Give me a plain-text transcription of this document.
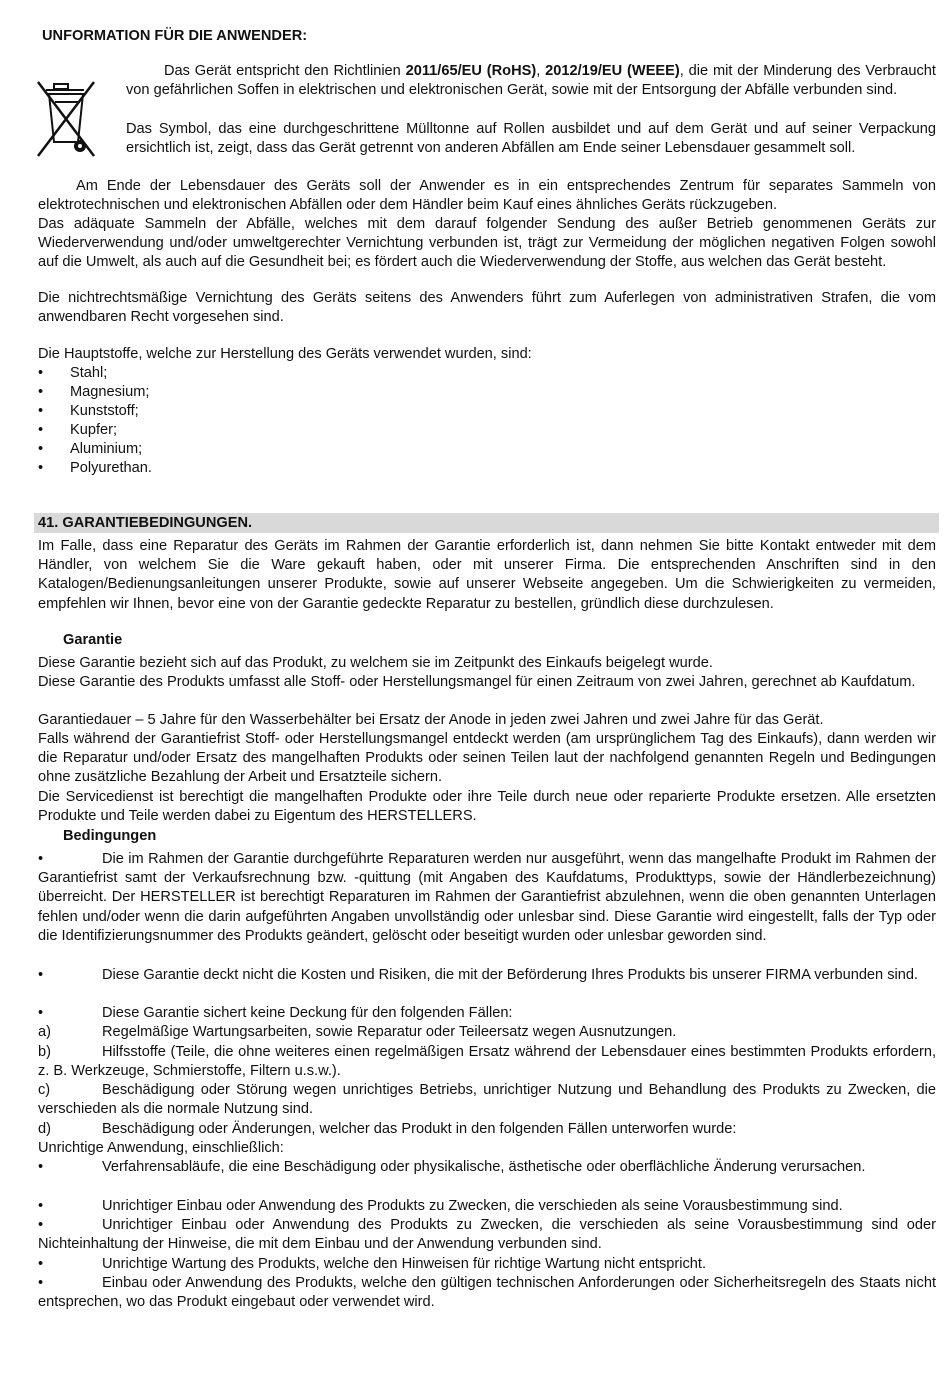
UNFORMATION FÜR DIE ANWENDER:

Das Gerät entspricht den Richtlinien 2011/65/EU (RoHS), 2012/19/EU (WEEE), die mit der Minderung des Verbraucht von gefährlichen Soffen in elektrischen und elektronischen Gerät, sowie mit der Entsorgung der Abfälle verbunden sind.

Das Symbol, das eine durchgeschrittene Mülltonne auf Rollen ausbildet und auf dem Gerät und auf seiner Verpackung ersichtlich ist, zeigt, dass das Gerät getrennt von anderen Abfällen am Ende seiner Lebensdauer gesammelt soll.

Am Ende der Lebensdauer des Geräts soll der Anwender es in ein entsprechendes Zentrum für separates Sammeln von elektrotechnischen und elektronischen Abfällen oder dem Händler beim Kauf eines ähnliches Geräts rückzugeben.

Das adäquate Sammeln der Abfälle, welches mit dem darauf folgender Sendung des außer Betrieb genommenen Geräts zur Wiederverwendung und/oder umweltgerechter Vernichtung verbunden ist, trägt zur Vermeidung der möglichen negativen Folgen sowohl auf die Umwelt, als auch auf die Gesundheit bei; es fördert auch die Wiederverwendung der Stoffe, aus welchen das Gerät besteht.

Die nichtrechtsmäßige Vernichtung des Geräts seitens des Anwenders führt zum Auferlegen von administrativen Strafen, die vom anwendbaren Recht vorgesehen sind.

Die Hauptstoffe, welche zur Herstellung des Geräts verwendet wurden, sind:

• Stahl;
• Magnesium;
• Kunststoff;
• Kupfer;
• Aluminium;
• Polyurethan.
41. GARANTIEBEDINGUNGEN.

Im Falle, dass eine Reparatur des Geräts im Rahmen der Garantie erforderlich ist, dann nehmen Sie bitte Kontakt entweder mit dem Händler, von welchem Sie die Ware gekauft haben, oder mit unserer Firma. Die entsprechenden Anschriften sind in den Katalogen/Bedienungsanleitungen unserer Produkte, sowie auf unserer Webseite angegeben. Um die Schwierigkeiten zu vermeiden, empfehlen wir Ihnen, bevor eine von der Garantie gedeckte Reparatur zu bestellen, gründlich diese durchzulesen.

Garantie

Diese Garantie bezieht sich auf das Produkt, zu welchem sie im Zeitpunkt des Einkaufs beigelegt wurde.

Diese Garantie des Produkts umfasst alle Stoff- oder Herstellungsmangel für einen Zeitraum von zwei Jahren, gerechnet ab Kaufdatum.

Garantiedauer – 5 Jahre für den Wasserbehälter bei Ersatz der Anode in jeden zwei Jahren und zwei Jahre für das Gerät.

Falls während der Garantiefrist Stoff- oder Herstellungsmangel entdeckt werden (am ursprünglichem Tag des Einkaufs), dann werden wir die Reparatur und/oder Ersatz des mangelhaften Produkts oder seinen Teilen laut der nachfolgend genannten Regeln und Bedingungen ohne zusätzliche Bezahlung der Arbeit und Ersatzteile sichern.

Die Servicedienst ist berechtigt die mangelhaften Produkte oder ihre Teile durch neue oder reparierte Produkte ersetzen. Alle ersetzten Produkte und Teile werden dabei zu Eigentum des HERSTELLERS.

Bedingungen

•	Die im Rahmen der Garantie durchgeführte Reparaturen werden nur ausgeführt, wenn das mangelhafte Produkt im Rahmen der Garantiefrist samt der Verkaufsrechnung bzw. -quittung (mit Angaben des Kaufdatums, Produkttyps, sowie der Händlerbezeichnung) überreicht. Der HERSTELLER ist berechtigt Reparaturen im Rahmen der Garantiefrist abzulehnen, wenn die oben genannten Unterlagen fehlen und/oder wenn die darin aufgeführten Angaben unvollständig oder unlesbar sind. Diese Garantie wird eingestellt, falls der Typ oder die Identifizierungsnummer des Produkts geändert, gelöscht oder beseitigt wurden oder unlesbar geworden sind.

•	Diese Garantie deckt nicht die Kosten und Risiken, die mit der Beförderung Ihres Produkts bis unserer FIRMA verbunden sind.

•	Diese Garantie sichert keine Deckung für den folgenden Fällen:

a)	Regelmäßige Wartungsarbeiten, sowie Reparatur oder Teileersatz wegen Ausnutzungen.

b)	Hilfsstoffe (Teile, die ohne weiteres einen regelmäßigen Ersatz während der Lebensdauer eines bestimmten Produkts erfordern, z. B. Werkzeuge, Schmierstoffe, Filtern u.s.w.).

c)	Beschädigung oder Störung wegen unrichtiges Betriebs, unrichtiger Nutzung und Behandlung des Produkts zu Zwecken, die verschieden als die normale Nutzung sind.

d)	Beschädigung oder Änderungen, welcher das Produkt in den folgenden Fällen unterworfen wurde:

Unrichtige Anwendung, einschließlich:

•	Verfahrensabläufe, die eine Beschädigung oder physikalische, ästhetische oder oberflächliche Änderung verursachen.

•	Unrichtiger Einbau oder Anwendung des Produkts zu Zwecken, die verschieden als seine Vorausbestimmung sind.

•	Unrichtiger Einbau oder Anwendung des Produkts zu Zwecken, die verschieden als seine Vorausbestimmung sind oder Nichteinhaltung der Hinweise, die mit dem Einbau und der Anwendung verbunden sind.

•	Unrichtige Wartung des Produkts, welche den Hinweisen für richtige Wartung nicht entspricht.

•	Einbau oder Anwendung des Produkts, welche den gültigen technischen Anforderungen oder Sicherheitsregeln des Staats nicht entsprechen, wo das Produkt eingebaut oder verwendet wird.
